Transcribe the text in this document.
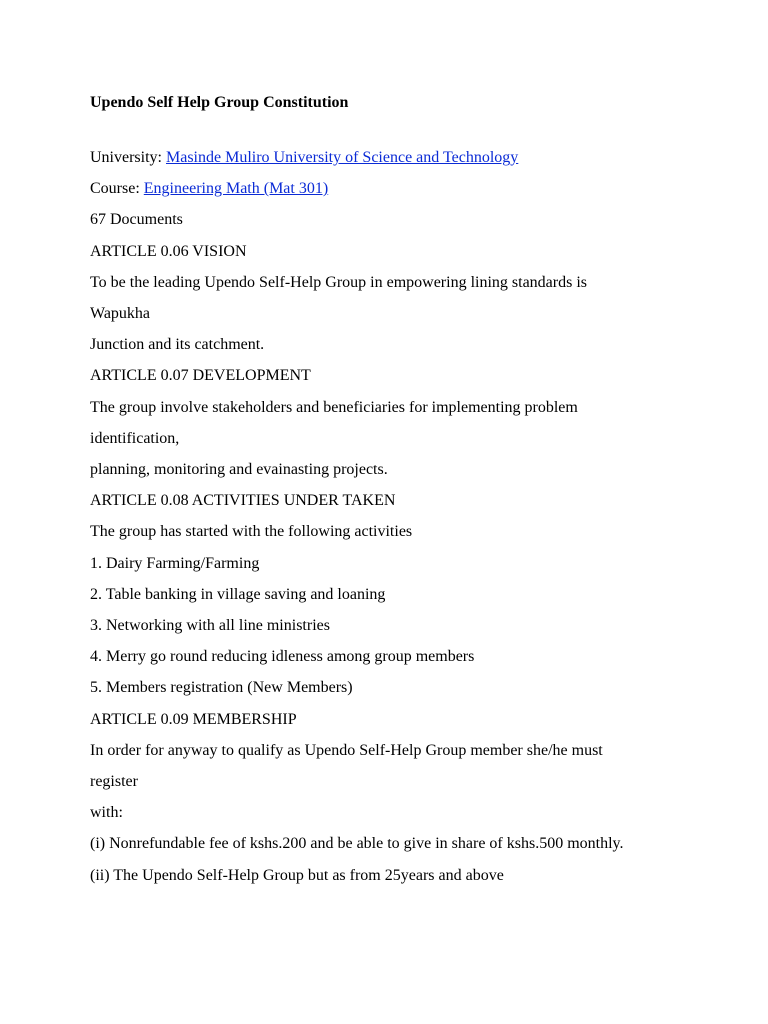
Upendo Self Help Group Constitution
University: Masinde Muliro University of Science and Technology
Course: Engineering Math (Mat 301)
67 Documents
ARTICLE 0.06 VISION
To be the leading Upendo Self-Help Group in empowering lining standards is
Wapukha
Junction and its catchment.
ARTICLE 0.07 DEVELOPMENT
The group involve stakeholders and beneficiaries for implementing problem
identification,
planning, monitoring and evainasting projects.
ARTICLE 0.08 ACTIVITIES UNDER TAKEN
The group has started with the following activities
1. Dairy Farming/Farming
2. Table banking in village saving and loaning
3. Networking with all line ministries
4. Merry go round reducing idleness among group members
5. Members registration (New Members)
ARTICLE 0.09 MEMBERSHIP
In order for anyway to qualify as Upendo Self-Help Group member she/he must
register
with:
(i) Nonrefundable fee of kshs.200 and be able to give in share of kshs.500 monthly.
(ii) The Upendo Self-Help Group but as from 25years and above
